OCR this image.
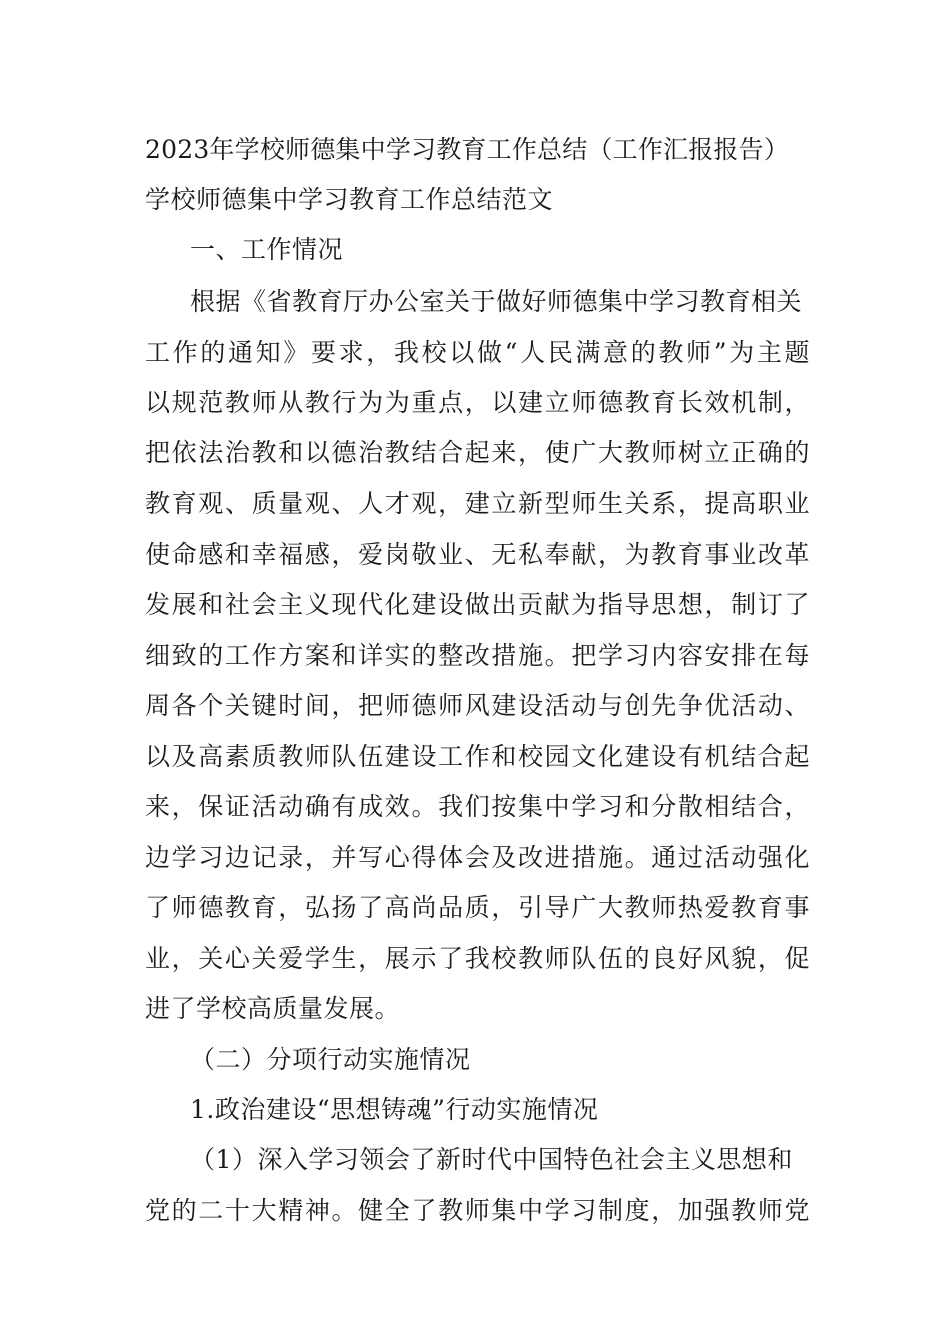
2023年学校师德集中学习教育工作总结（工作汇报报告）
学校师德集中学习教育工作总结范文
一、工作情况
根据《省教育厅办公室关于做好师德集中学习教育相关
工作的通知》要求，我校以做“人民满意的教师”为主题
以规范教师从教行为为重点，以建立师德教育长效机制，
把依法治教和以德治教结合起来，使广大教师树立正确的
教育观、质量观、人才观，建立新型师生关系，提高职业
使命感和幸福感，爱岗敬业、无私奉献，为教育事业改革
发展和社会主义现代化建设做出贡献为指导思想，制订了
细致的工作方案和详实的整改措施。把学习内容安排在每
周各个关键时间，把师德师风建设活动与创先争优活动、
以及高素质教师队伍建设工作和校园文化建设有机结合起
来，保证活动确有成效。我们按集中学习和分散相结合，
边学习边记录，并写心得体会及改进措施。通过活动强化
了师德教育，弘扬了高尚品质，引导广大教师热爱教育事
业，关心关爱学生，展示了我校教师队伍的良好风貌，促
进了学校高质量发展。
（二）分项行动实施情况
1.政治建设“思想铸魂”行动实施情况
（1）深入学习领会了新时代中国特色社会主义思想和
党的二十大精神。健全了教师集中学习制度，加强教师党
